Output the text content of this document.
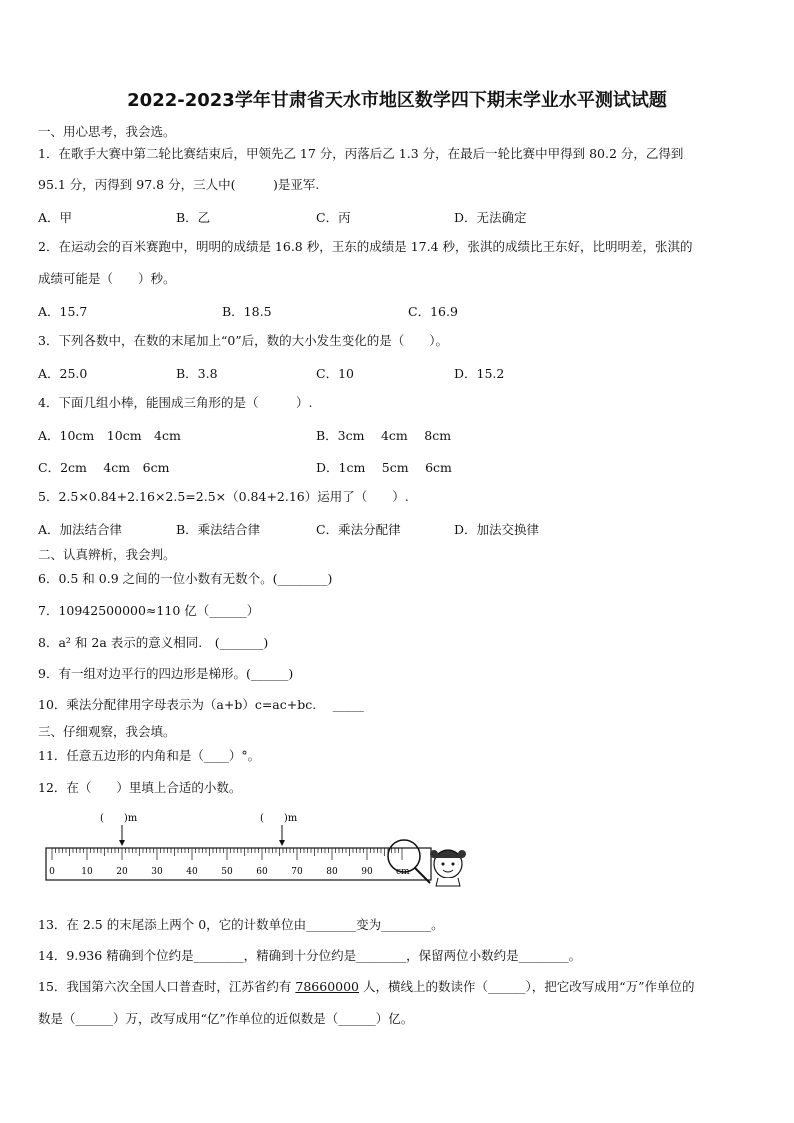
2022-2023学年甘肃省天水市地区数学四下期末学业水平测试试题
一、用心思考，我会选。
1．在歌手大赛中第二轮比赛结束后，甲领先乙 17 分，丙落后乙 1.3 分，在最后一轮比赛中甲得到 80.2 分，乙得到
95.1 分，丙得到 97.8 分，三人中(　　　)是亚军.
A．甲	B．乙	C．丙	D．无法确定
2．在运动会的百米赛跑中，明明的成绩是 16.8 秒，王东的成绩是 17.4 秒，张淇的成绩比王东好，比明明差，张淇的
成绩可能是（　　）秒。
A．15.7	B．18.5	C．16.9
3．下列各数中，在数的末尾加上“0”后，数的大小发生变化的是（　　）。
A．25.0	B．3.8	C．10	D．15.2
4．下面几组小棒，能围成三角形的是（　　　）.
A．10cm　10cm　4cm	B．3cm　 4cm　 8cm
C．2cm　 4cm　6cm	D．1cm　 5cm　 6cm
5．2.5×0.84+2.16×2.5=2.5×（0.84+2.16）运用了（　　）.
A．加法结合律	B．乘法结合律	C．乘法分配律	D．加法交换律
二、认真辨析，我会判。
6．0.5 和 0.9 之间的一位小数有无数个。(________)
7．10942500000≈110 亿（______）
8．a² 和 2a 表示的意义相同.　(_______)
9．有一组对边平行的四边形是梯形。(______)
10．乘法分配律用字母表示为（a+b）c=ac+bc.　 _____
三、仔细观察，我会填。
11．任意五边形的内角和是（____）°。
12．在（　　）里填上合适的小数。
(　　)m	(　　)m
0	10	20	30	40	50	60	70	80	90	cm
13．在 2.5 的末尾添上两个 0，它的计数单位由________变为________。
14．9.936 精确到个位约是________，精确到十分位约是________，保留两位小数约是________。
15．我国第六次全国人口普查时，江苏省约有 78660000 人，横线上的数读作（______），把它改写成用“万”作单位的
数是（______）万，改写成用“亿”作单位的近似数是（______）亿。
